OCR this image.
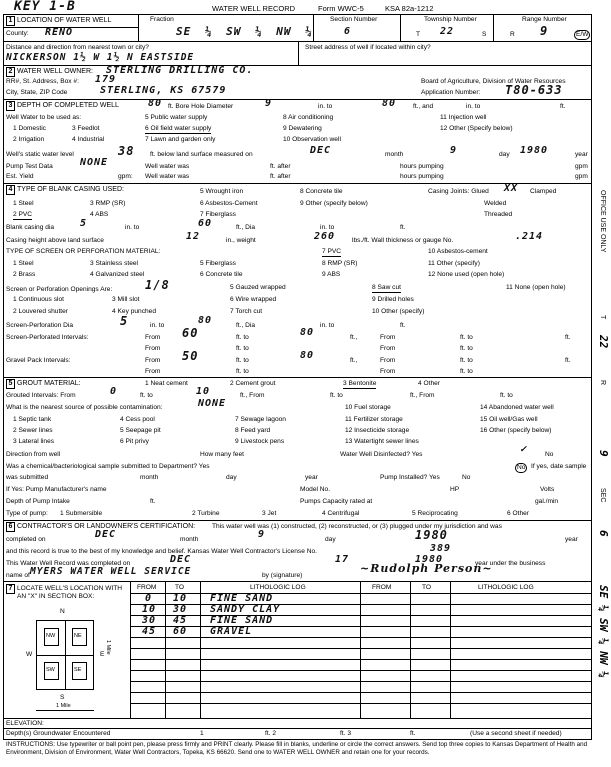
KEY 1-B	WATER WELL RECORD	Form WWC-5	KSA 82a-1212
1 LOCATION OF WATER WELL
County: RENO
Fraction
SE ¼ SW ¼ NW ¼
Section Number
6
Township Number
T 22	S
Range Number
R 9	E/W
Distance and direction from nearest town or city?
NICKERSON 1½ W 1½ N EASTSIDE
Street address of well if located within city?
2 WATER WELL OWNER: STERLING DRILLING CO.
RR#, St. Address, Box #: 179	Board of Agriculture, Division of Water Resources
City, State, ZIP Code	STERLING, KS 67579	Application Number: T80-633
3 DEPTH OF COMPLETED WELL	80 ft. Bore Hole Diameter	9	in. to	80	ft., and	in. to	ft.
Well Water to be used as:
1 Domestic	3 Feedlot
5 Public water supply	8 Air conditioning	11 Injection well
2 Irrigation	4 Industrial
6 Oil field water supply	9 Dewatering	12 Other (Specify below)
7 Lawn and garden only	10 Observation well
Well's static water level	38 ft. below land surface measured on	DEC	month	9	day 1980	year
Pump Test Data	NONE	Well water was	ft. after	hours pumping	gpm
Est. Yield	gpm: Well water was	ft. after	hours pumping	gpm
4 TYPE OF BLANK CASING USED:
1 Steel
2 PVC
3 RMP (SR)
4 ABS
5 Wrought iron
6 Asbestos-Cement
7 Fiberglass
8 Concrete tile
9 Other (specify below)
Casing Joints: Glued XX Clamped
Welded
Threaded
Blank casing dia	5	in. to	60	ft., Dia	in. to	ft.
Casing height above land surface	12	in., weight	260	lbs./ft. Wall thickness or gauge No.	.214
TYPE OF SCREEN OR PERFORATION MATERIAL:
1 Steel
2 Brass
3 Stainless steel
4 Galvanized steel
5 Fiberglass
6 Concrete tile
7 PVC
8 RMP (SR)
9 ABS
10 Asbestos-cement
11 Other (specify)
12 None used (open hole)
Screen or Perforation Openings Are:	1/8	5 Gauzed wrapped	8 Saw cut	11 None (open hole)
1 Continuous slot	3 Mill slot	6 Wire wrapped	9 Drilled holes
2 Louvered shutter	4 Key punched	7 Torch cut	10 Other (specify)
Screen-Perforation Dia	5	in. to	80	ft., Dia	in. to	ft.
Screen-Perforated Intervals:	From 60	ft. to	80	ft.,	From	ft. to	ft.
From	ft. to	From	ft. to
Gravel Pack Intervals:	From 50	ft. to	80	ft.,	From	ft. to	ft.
From	ft. to	From	ft. to
5 GROUT MATERIAL:	1 Neat cement	2 Cement grout	3 Bentonite	4 Other
Grouted Intervals: From	0	ft. to	10	ft., From	ft. to	ft., From	ft. to
What is the nearest source of possible contamination:	NONE
1 Septic tank
2 Sewer lines
3 Lateral lines
4 Cess pool
5 Seepage pit
6 Pit privy
7 Sewage lagoon
8 Feed yard
9 Livestock pens
10 Fuel storage
11 Fertilizer storage
12 Insecticide storage
13 Watertight sewer lines
14 Abandoned water well
15 Oil well/Gas well
16 Other (specify below)
Direction from well	How many feet	Water Well Disinfected? Yes	No
✓
Was a chemical/bacteriological sample submitted to Department? Yes	No If yes, date sample
was submitted	month	day	year	Pump Installed? Yes	No
If Yes: Pump Manufacturer's name	Model No.	HP	Volts
Depth of Pump Intake	ft.	Pumps Capacity rated at	gal./min
Type of pump: 1 Submersible	2 Turbine	3 Jet	4 Centrifugal	5 Reciprocating	6 Other
6 CONTRACTOR'S OR LANDOWNER'S CERTIFICATION:	This water well was (1) constructed, (2) reconstructed, or (3) plugged under my jurisdiction and was
completed on	DEC	month	9	day	1980	year
and this record is true to the best of my knowledge and belief. Kansas Water Well Contractor's License No.	389
This Water Well Record was completed on	DEC	17	1980	year under the business
name of MYERS WATER WELL SERVICE	by (signature)
~Rudolph Person~
7 LOCATE WELL'S LOCATION WITH AN "X" IN SECTION BOX:
FROM	TO	LITHOLOGIC LOG	FROM	TO	LITHOLOGIC LOG
0 10 FINE SAND
10 30 SANDY CLAY
30 45 FINE SAND
45 60 GRAVEL
N
W	E
S
NW	NE
SW	SE
1 Mile
1 Mile
ELEVATION:
Depth(s) Groundwater Encountered	1	ft. 2	ft. 3	ft.	(Use a second sheet if needed)
INSTRUCTIONS: Use typewriter or ball point pen, please press firmly and PRINT clearly. Please fill in blanks, underline or circle the correct answers. Send top three copies to Kansas Department of Health and Environment, Division of Environment, Water Well Contractors, Topeka, KS 66620. Send one to WATER WELL OWNER and retain one for your records.
OFFICE USE ONLY
T
22
R
9
SEC
6
SE ¼ SW ¼ NW ¼
